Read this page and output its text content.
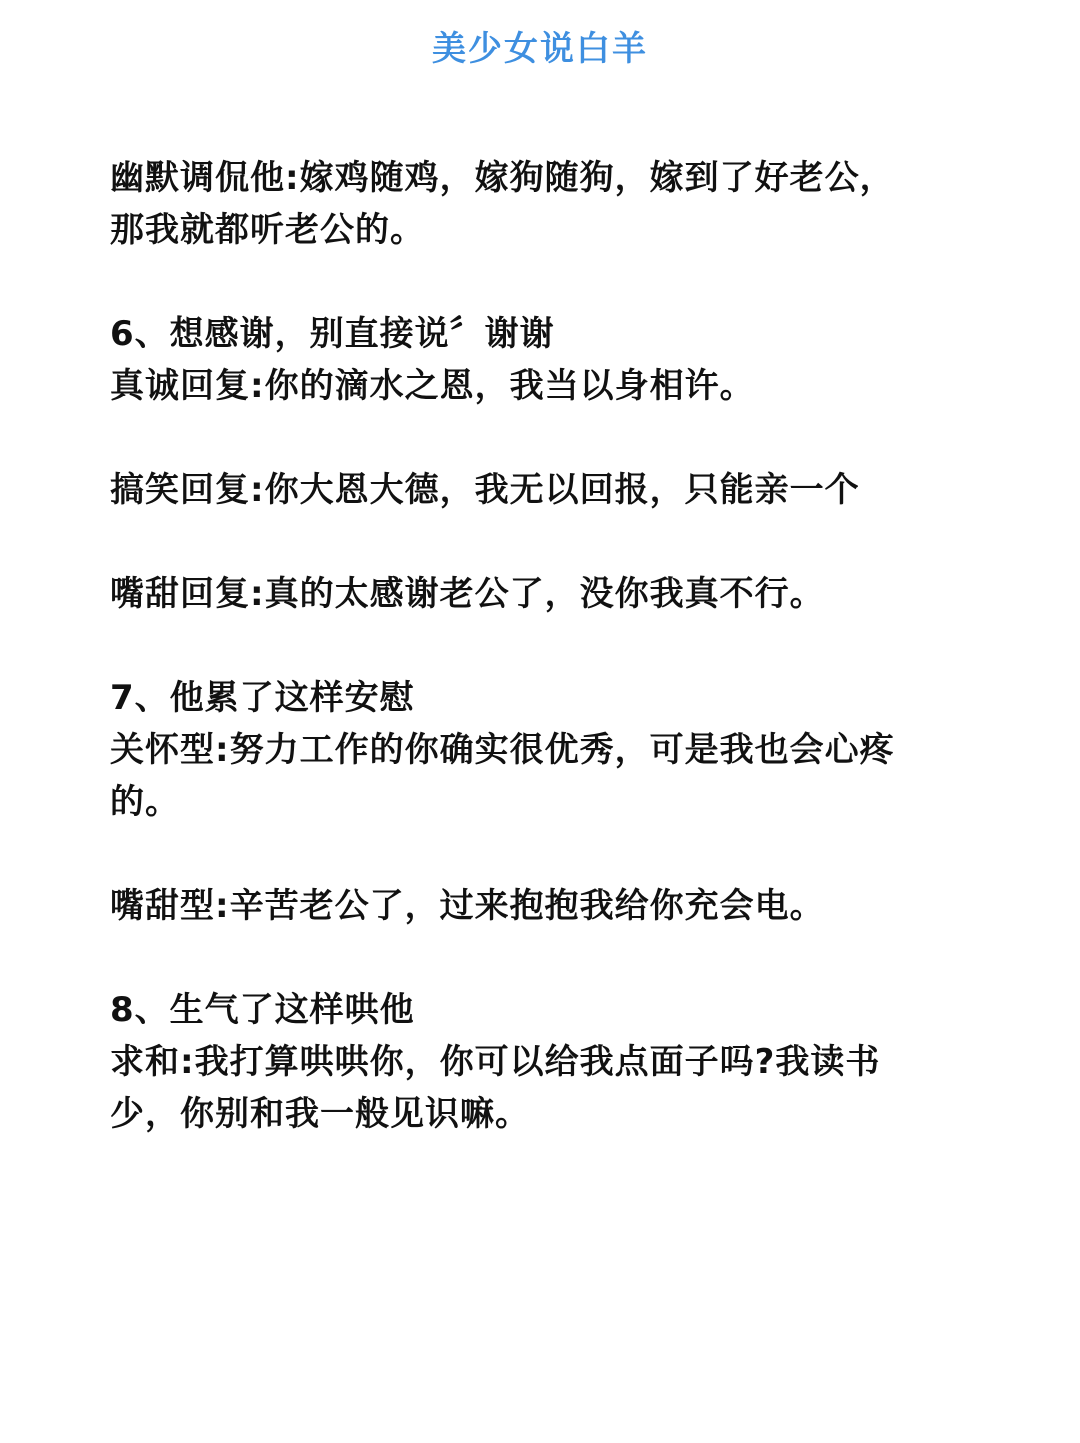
美少女说白羊
幽默调侃他:嫁鸡随鸡，嫁狗随狗，嫁到了好老公，
那我就都听老公的。
6、想感谢，别直接说〞谢谢
真诚回复:你的滴水之恩，我当以身相许。
搞笑回复:你大恩大德，我无以回报，只能亲一个
嘴甜回复:真的太感谢老公了，没你我真不行。
7、他累了这样安慰
关怀型:努力工作的你确实很优秀，可是我也会心疼
的。
嘴甜型:辛苦老公了，过来抱抱我给你充会电。
8、生气了这样哄他
求和:我打算哄哄你，你可以给我点面子吗?我读书
少，你别和我一般见识嘛。
